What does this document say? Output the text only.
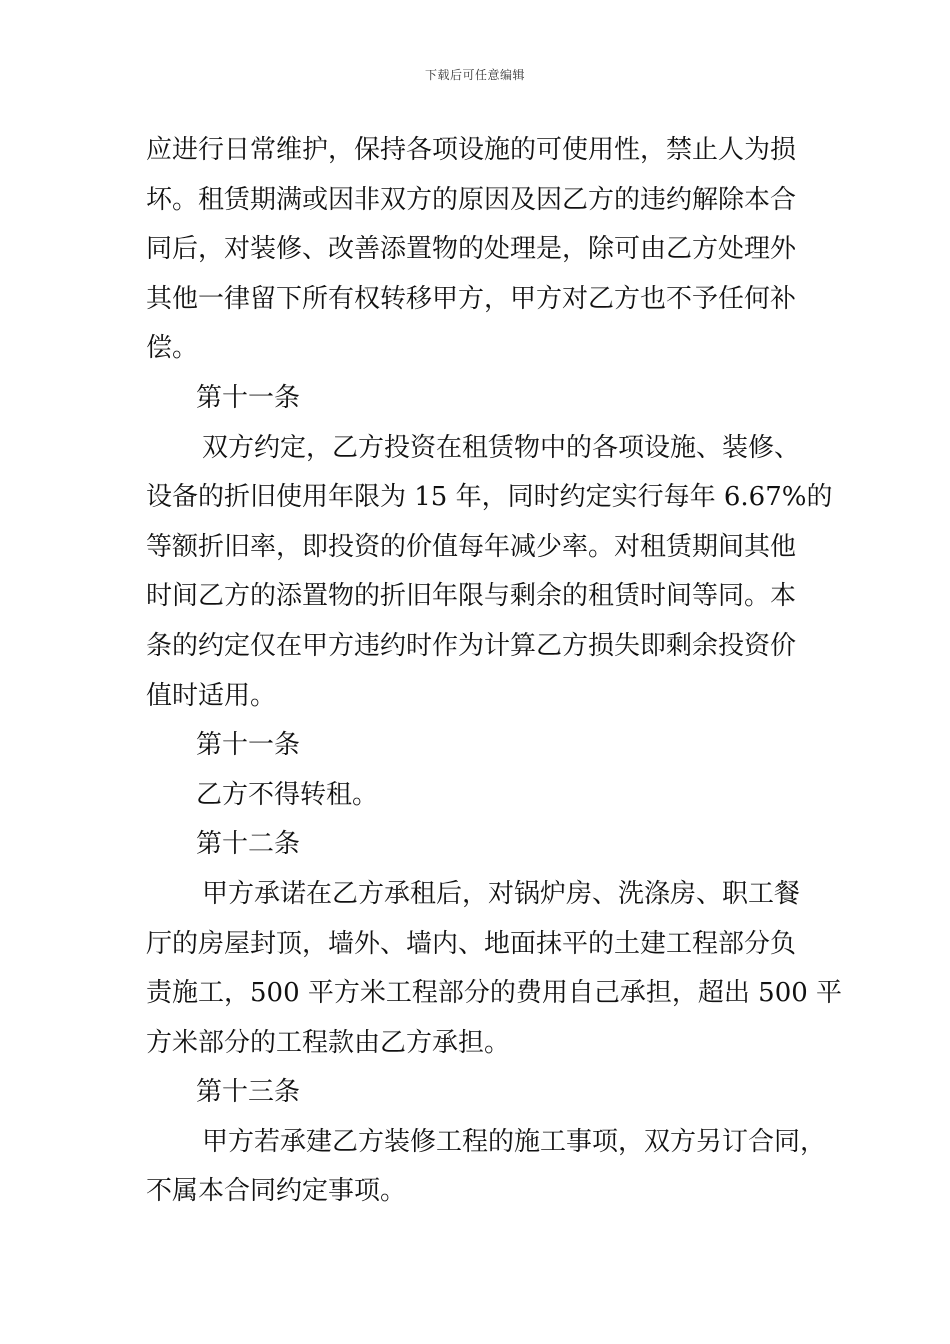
下载后可任意编辑
应进行日常维护，保持各项设施的可使用性，禁止人为损
坏。租赁期满或因非双方的原因及因乙方的违约解除本合
同后，对装修、改善添置物的处理是，除可由乙方处理外
其他一律留下所有权转移甲方，甲方对乙方也不予任何补
偿。
第十一条
双方约定，乙方投资在租赁物中的各项设施、装修、
设备的折旧使用年限为 15 年，同时约定实行每年 6.67%的
等额折旧率，即投资的价值每年减少率。对租赁期间其他
时间乙方的添置物的折旧年限与剩余的租赁时间等同。本
条的约定仅在甲方违约时作为计算乙方损失即剩余投资价
值时适用。
第十一条
乙方不得转租。
第十二条
甲方承诺在乙方承租后，对锅炉房、洗涤房、职工餐
厅的房屋封顶，墙外、墙内、地面抹平的土建工程部分负
责施工，500 平方米工程部分的费用自己承担，超出 500 平
方米部分的工程款由乙方承担。
第十三条
甲方若承建乙方装修工程的施工事项，双方另订合同，
不属本合同约定事项。
